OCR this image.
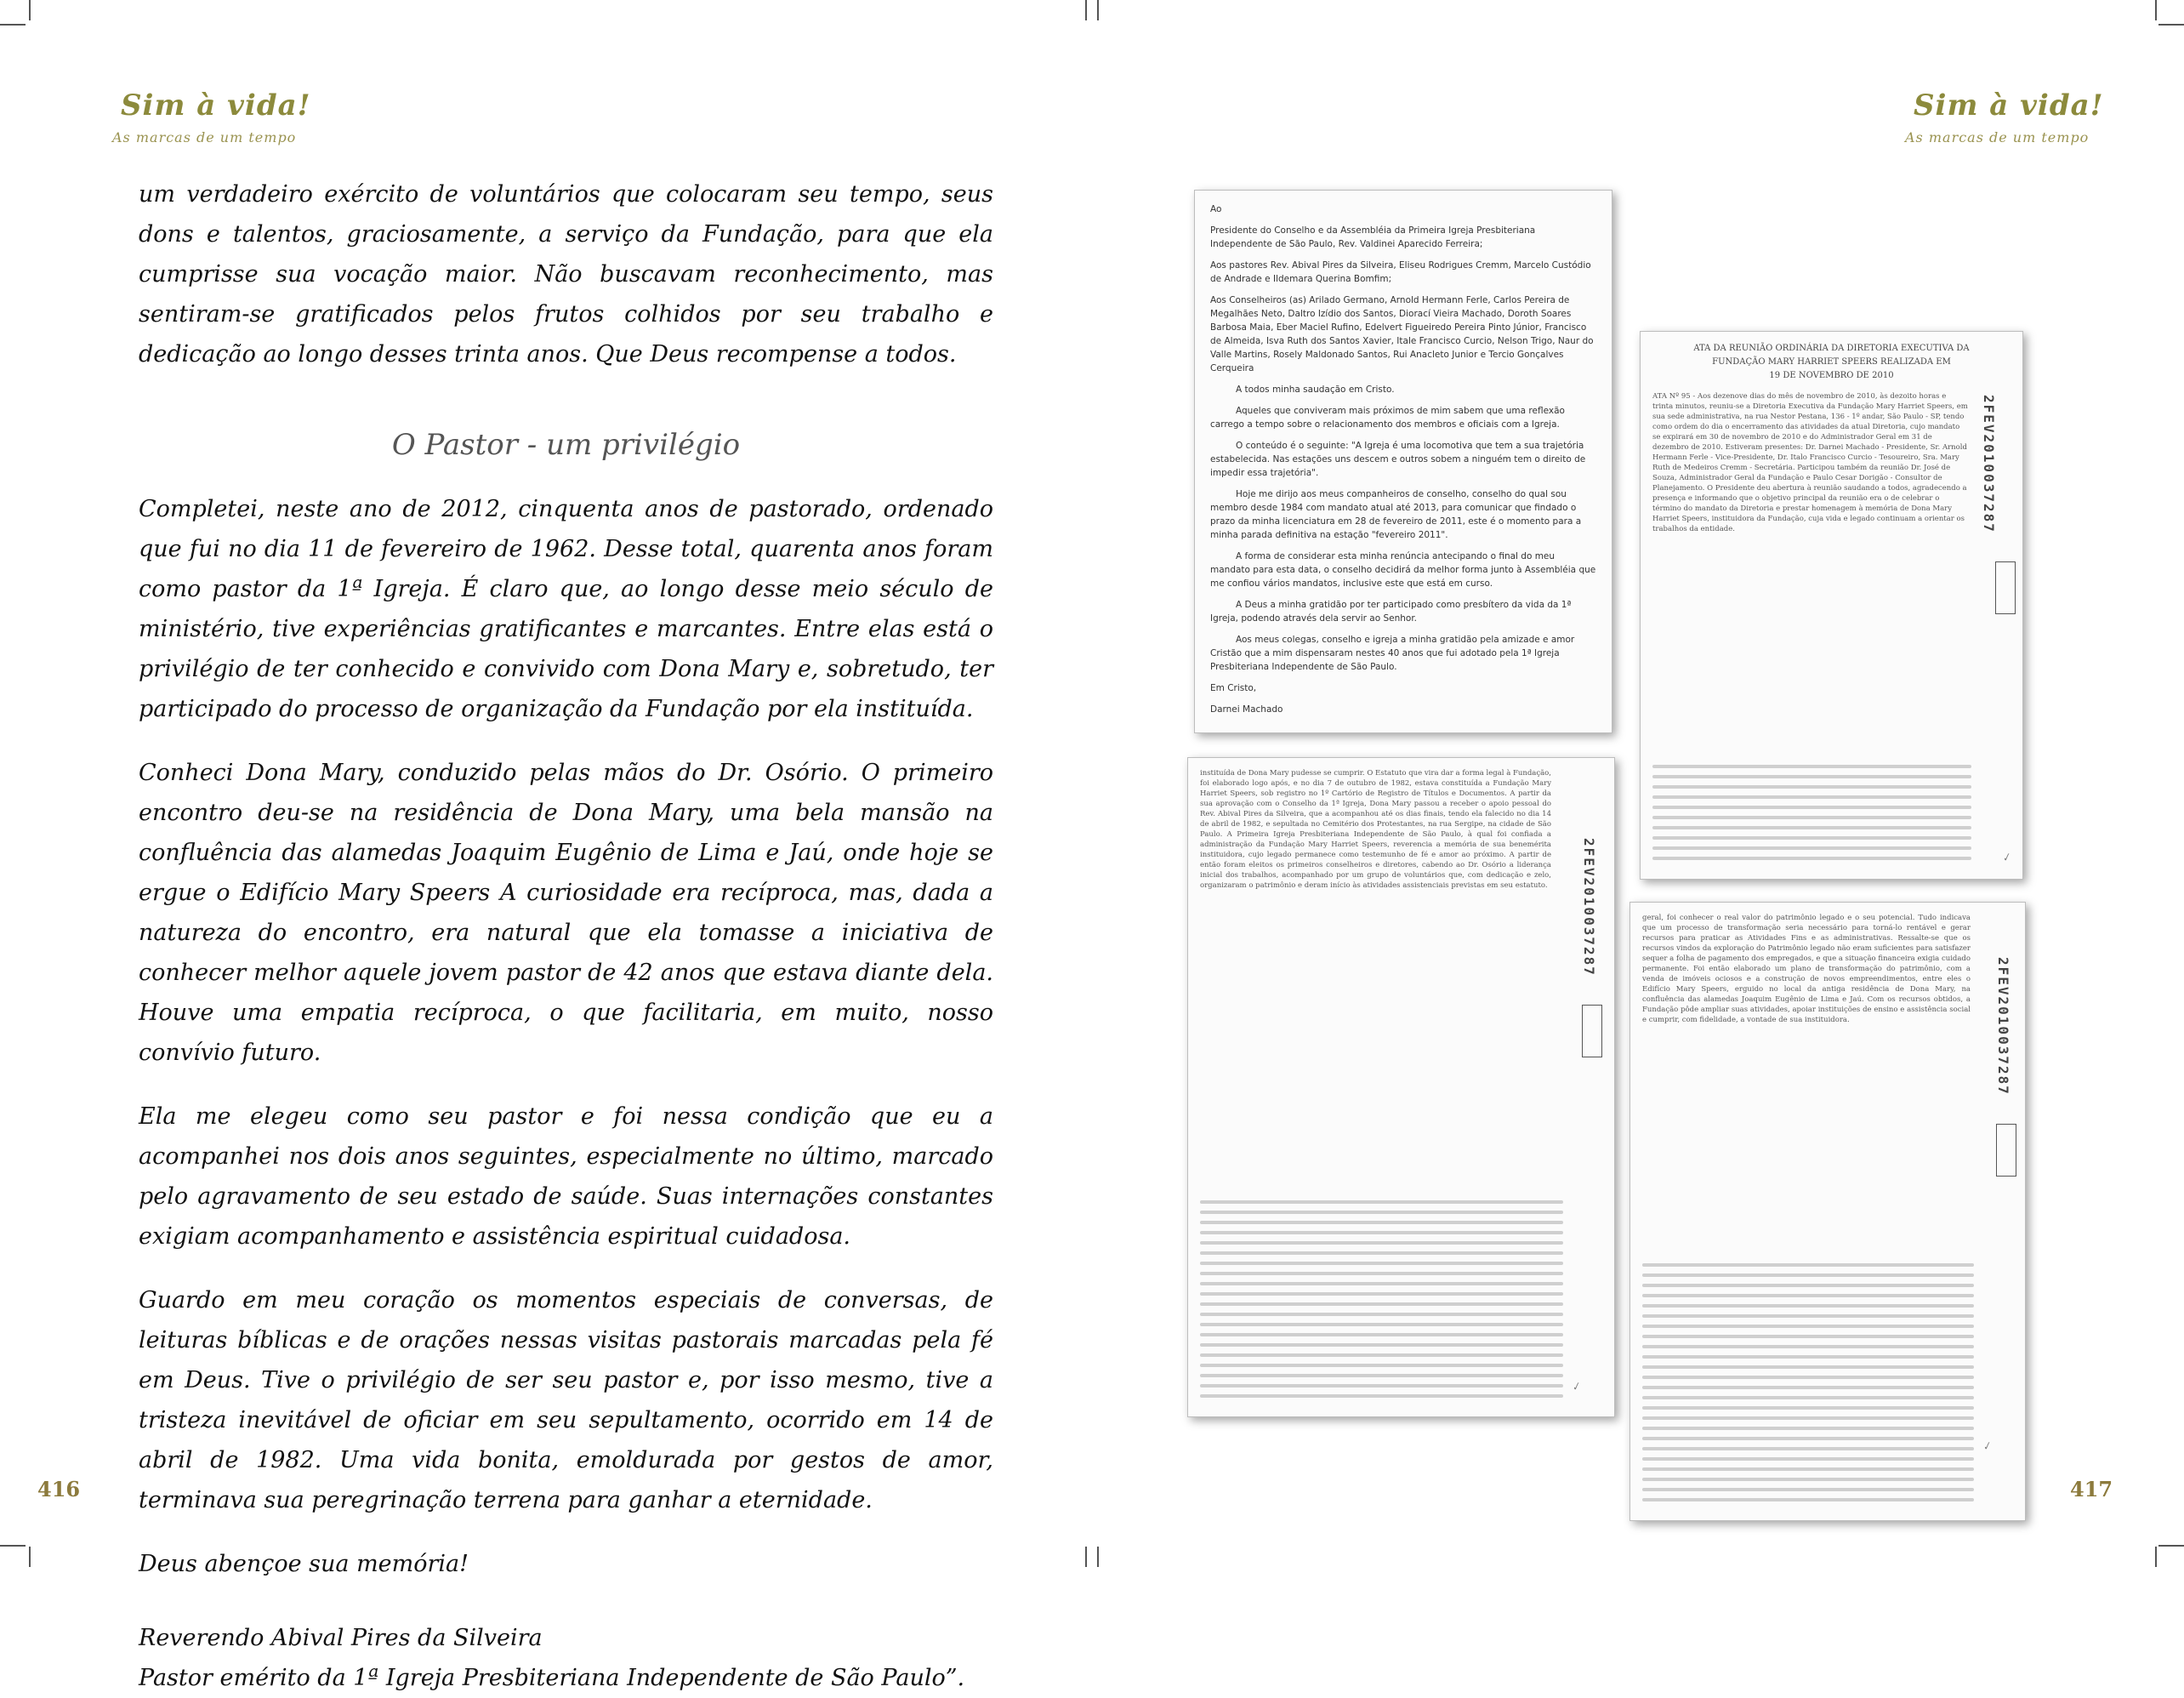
Sim à vida!
As marcas de um tempo

um verdadeiro exército de voluntários que colocaram seu tempo, seus dons e talentos, graciosamente, a serviço da Fundação, para que ela cumprisse sua vocação maior. Não buscavam reconhecimento, mas sentiram-se gratificados pelos frutos colhidos por seu trabalho e dedicação ao longo desses trinta anos. Que Deus recompense a todos.

O Pastor - um privilégio

Completei, neste ano de 2012, cinquenta anos de pastorado, ordenado que fui no dia 11 de fevereiro de 1962. Desse total, quarenta anos foram como pastor da 1ª Igreja. É claro que, ao longo desse meio século de ministério, tive experiências gratificantes e marcantes. Entre elas está o privilégio de ter conhecido e convivido com Dona Mary e, sobretudo, ter participado do processo de organização da Fundação por ela instituída.

Conheci Dona Mary, conduzido pelas mãos do Dr. Osório. O primeiro encontro deu-se na residência de Dona Mary, uma bela mansão na confluência das alamedas Joaquim Eugênio de Lima e Jaú, onde hoje se ergue o Edifício Mary Speers A curiosidade era recíproca, mas, dada a natureza do encontro, era natural que ela tomasse a iniciativa de conhecer melhor aquele jovem pastor de 42 anos que estava diante dela. Houve uma empatia recíproca, o que facilitaria, em muito, nosso convívio futuro.

Ela me elegeu como seu pastor e foi nessa condição que eu a acompanhei nos dois anos seguintes, especialmente no último, marcado pelo agravamento de seu estado de saúde. Suas internações constantes exigiam acompanhamento e assistência espiritual cuidadosa.

Guardo em meu coração os momentos especiais de conversas, de leituras bíblicas e de orações nessas visitas pastorais marcadas pela fé em Deus. Tive o privilégio de ser seu pastor e, por isso mesmo, tive a tristeza inevitável de oficiar em seu sepultamento, ocorrido em 14 de abril de 1982. Uma vida bonita, emoldurada por gestos de amor, terminava sua peregrinação terrena para ganhar a eternidade.

Deus abençoe sua memória!

Reverendo Abival Pires da Silveira

Pastor emérito da 1ª Igreja Presbiteriana Independente de São Paulo”.

416
Sim à vida!
As marcas de um tempo
417

Ao

Presidente do Conselho e da Assembléia da Primeira Igreja Presbiteriana Independente de São Paulo, Rev. Valdinei Aparecido Ferreira;

Aos pastores Rev. Abival Pires da Silveira, Eliseu Rodrigues Cremm, Marcelo Custódio de Andrade e Ildemara Querina Bomfim;

Aos Conselheiros (as) Arilado Germano, Arnold Hermann Ferle, Carlos Pereira de Megalhães Neto, Daltro Izídio dos Santos, Diorací Vieira Machado, Doroth Soares Barbosa Maia, Eber Maciel Rufino, Edelvert Figueiredo Pereira Pinto Júnior, Francisco de Almeida, Isva Ruth dos Santos Xavier, Itale Francisco Curcio, Nelson Trigo, Naur do Valle Martins, Rosely Maldonado Santos, Rui Anacleto Junior e Tercio Gonçalves Cerqueira

A todos minha saudação em Cristo.

Aqueles que conviveram mais próximos de mim sabem que uma reflexão carrego a tempo sobre o relacionamento dos membros e oficiais com a Igreja.

O conteúdo é o seguinte: "A Igreja é uma locomotiva que tem a sua trajetória estabelecida. Nas estações uns descem e outros sobem a ninguém tem o direito de impedir essa trajetória".

Hoje me dirijo aos meus companheiros de conselho, conselho do qual sou membro desde 1984 com mandato atual até 2013, para comunicar que findado o prazo da minha licenciatura em 28 de fevereiro de 2011, este é o momento para a minha parada definitiva na estação "fevereiro 2011".

A forma de considerar esta minha renúncia antecipando o final do meu mandato para esta data, o conselho decidirá da melhor forma junto à Assembléia que me confiou vários mandatos, inclusive este que está em curso.

A Deus a minha gratidão por ter participado como presbítero da vida da 1ª Igreja, podendo através dela servir ao Senhor.

Aos meus colegas, conselho e igreja a minha gratidão pela amizade e amor Cristão que a mim dispensaram nestes 40 anos que fui adotado pela 1ª Igreja Presbiteriana Independente de São Paulo.

Em Cristo,

Darnei Machado

ATA DA REUNIÃO ORDINÁRIA DA DIRETORIA EXECUTIVA DA
FUNDAÇÃO MARY HARRIET SPEERS REALIZADA EM
19 DE NOVEMBRO DE 2010
ATA Nº 95 - Aos dezenove dias do mês de novembro de 2010, às dezoito horas e trinta minutos, reuniu-se a Diretoria Executiva da Fundação Mary Harriet Speers, em sua sede administrativa, na rua Nestor Pestana, 136 - 1º andar, São Paulo - SP, tendo como ordem do dia o encerramento das atividades da atual Diretoria, cujo mandato se expirará em 30 de novembro de 2010 e do Administrador Geral em 31 de dezembro de 2010. Estiveram presentes: Dr. Darnei Machado - Presidente, Sr. Arnold Hermann Ferle - Vice-Presidente, Dr. Italo Francisco Curcio - Tesoureiro, Sra. Mary Ruth de Medeiros Cremm - Secretária. Participou também da reunião Dr. José de Souza, Administrador Geral da Fundação e Paulo Cesar Dorigão - Consultor de Planejamento. O Presidente deu abertura à reunião saudando a todos, agradecendo a presença e informando que o objetivo principal da reunião era o de celebrar o término do mandato da Diretoria e prestar homenagem à memória de Dona Mary Harriet Speers, instituidora da Fundação, cuja vida e legado continuam a orientar os trabalhos da entidade.	2FEV2010037287
✓
instituída de Dona Mary pudesse se cumprir. O Estatuto que vira dar a forma legal à Fundação, foi elaborado logo após, e no dia 7 de outubro de 1982, estava constituída a Fundação Mary Harriet Speers, sob registro no 1º Cartório de Registro de Títulos e Documentos. A partir da sua aprovação com o Conselho da 1ª Igreja, Dona Mary passou a receber o apoio pessoal do Rev. Abival Pires da Silveira, que a acompanhou até os dias finais, tendo ela falecido no dia 14 de abril de 1982, e sepultada no Cemitério dos Protestantes, na rua Sergipe, na cidade de São Paulo. A Primeira Igreja Presbiteriana Independente de São Paulo, à qual foi confiada a administração da Fundação Mary Harriet Speers, reverencia a memória de sua benemérita instituidora, cujo legado permanece como testemunho de fé e amor ao próximo. A partir de então foram eleitos os primeiros conselheiros e diretores, cabendo ao Dr. Osório a liderança inicial dos trabalhos, acompanhado por um grupo de voluntários que, com dedicação e zelo, organizaram o patrimônio e deram início às atividades assistenciais previstas em seu estatuto. 2FEV2010037287
✓
geral, foi conhecer o real valor do patrimônio legado e o seu potencial. Tudo indicava que um processo de transformação seria necessário para torná-lo rentável e gerar recursos para praticar as Atividades Fins e as administrativas. Ressalte-se que os recursos vindos da exploração do Patrimônio legado não eram suficientes para satisfazer sequer a folha de pagamento dos empregados, e que a situação financeira exigia cuidado permanente. Foi então elaborado um plano de transformação do patrimônio, com a venda de imóveis ociosos e a construção de novos empreendimentos, entre eles o Edifício Mary Speers, erguido no local da antiga residência de Dona Mary, na confluência das alamedas Joaquim Eugênio de Lima e Jaú. Com os recursos obtidos, a Fundação pôde ampliar suas atividades, apoiar instituições de ensino e assistência social e cumprir, com fidelidade, a vontade de sua instituidora.	2FEV2010037287
✓
